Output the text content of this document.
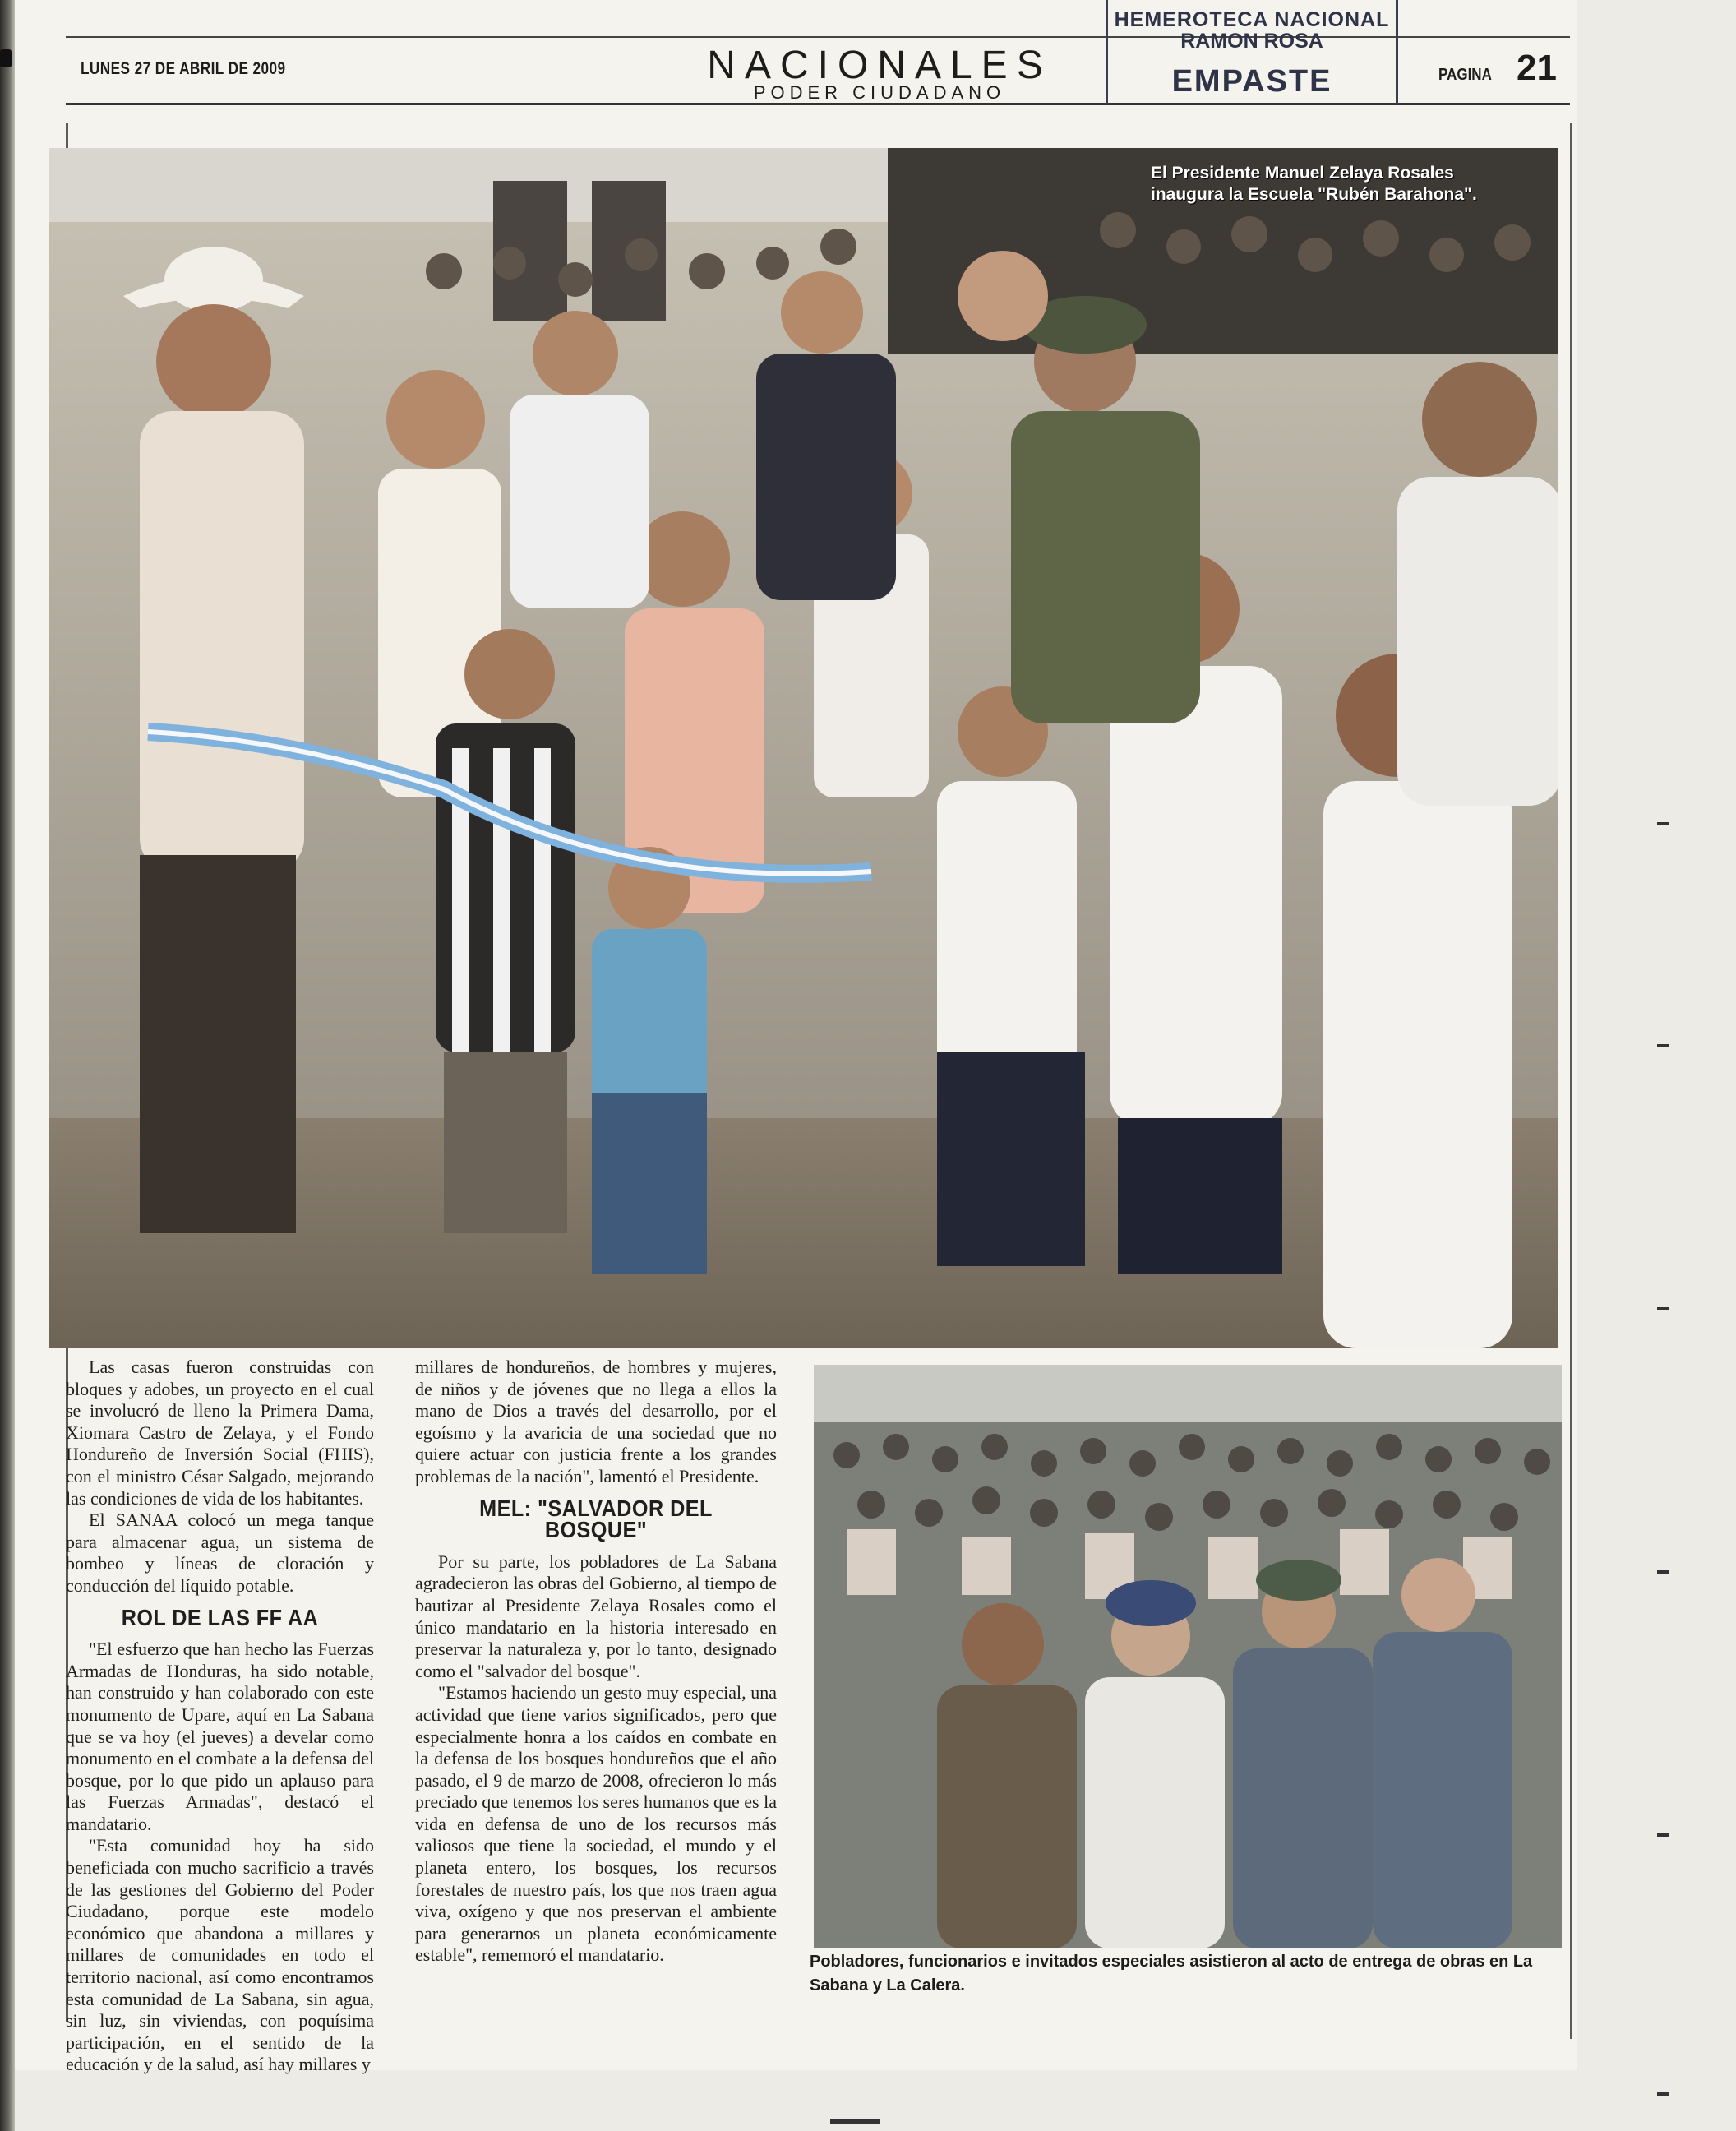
LUNES 27 DE ABRIL DE 2009	NACIONALES
PODER CIUDADANO
PAGINA 21
HEMEROTECA NACIONAL
RAMON ROSA
EMPASTE
El Presidente Manuel Zelaya Rosales inaugura la Escuela "Rubén Barahona".

Las casas fueron construidas con bloques y adobes, un proyecto en el cual se involucró de lleno la Primera Dama, Xiomara Castro de Zelaya, y el Fondo Hondureño de Inversión Social (FHIS), con el ministro César Salgado, mejorando las condiciones de vida de los habitantes.

El SANAA colocó un mega tanque para almacenar agua, un sistema de bombeo y líneas de cloración y conducción del líquido potable.

ROL DE LAS FF AA

"El esfuerzo que han hecho las Fuerzas Armadas de Honduras, ha sido notable, han construido y han colaborado con este monumento de Upare, aquí en La Sabana que se va hoy (el jueves) a develar como monumento en el combate a la defensa del bosque, por lo que pido un aplauso para las Fuerzas Armadas", destacó el mandatario.

"Esta comunidad hoy ha sido beneficiada con mucho sacrificio a través de las gestiones del Gobierno del Poder Ciudadano, porque este modelo económico que abandona a millares y millares de comunidades en todo el territorio nacional, así como encontramos esta comunidad de La Sabana, sin agua, sin luz, sin viviendas, con poquísima participación, en el sentido de la educación y de la salud, así hay millares y

millares de hondureños, de hombres y mujeres, de niños y de jóvenes que no llega a ellos la mano de Dios a través del desarrollo, por el egoísmo y la avaricia de una sociedad que no quiere actuar con justicia frente a los grandes problemas de la nación", lamentó el Presidente.

MEL: "SALVADOR DEL BOSQUE"

Por su parte, los pobladores de La Sabana agradecieron las obras del Gobierno, al tiempo de bautizar al Presidente Zelaya Rosales como el único mandatario en la historia interesado en preservar la naturaleza y, por lo tanto, designado como el "salvador del bosque".

"Estamos haciendo un gesto muy especial, una actividad que tiene varios significados, pero que especialmente honra a los caídos en combate en la defensa de los bosques hondureños que el año pasado, el 9 de marzo de 2008, ofrecieron lo más preciado que tenemos los seres humanos que es la vida en defensa de uno de los recursos más valiosos que tiene la sociedad, el mundo y el planeta entero, los bosques, los recursos forestales de nuestro país, los que nos traen agua viva, oxígeno y que nos preservan el ambiente para generarnos un planeta económicamente estable", rememoró el mandatario.	Pobladores, funcionarios e invitados especiales asistieron al acto de entrega de obras en La Sabana y La Calera.
